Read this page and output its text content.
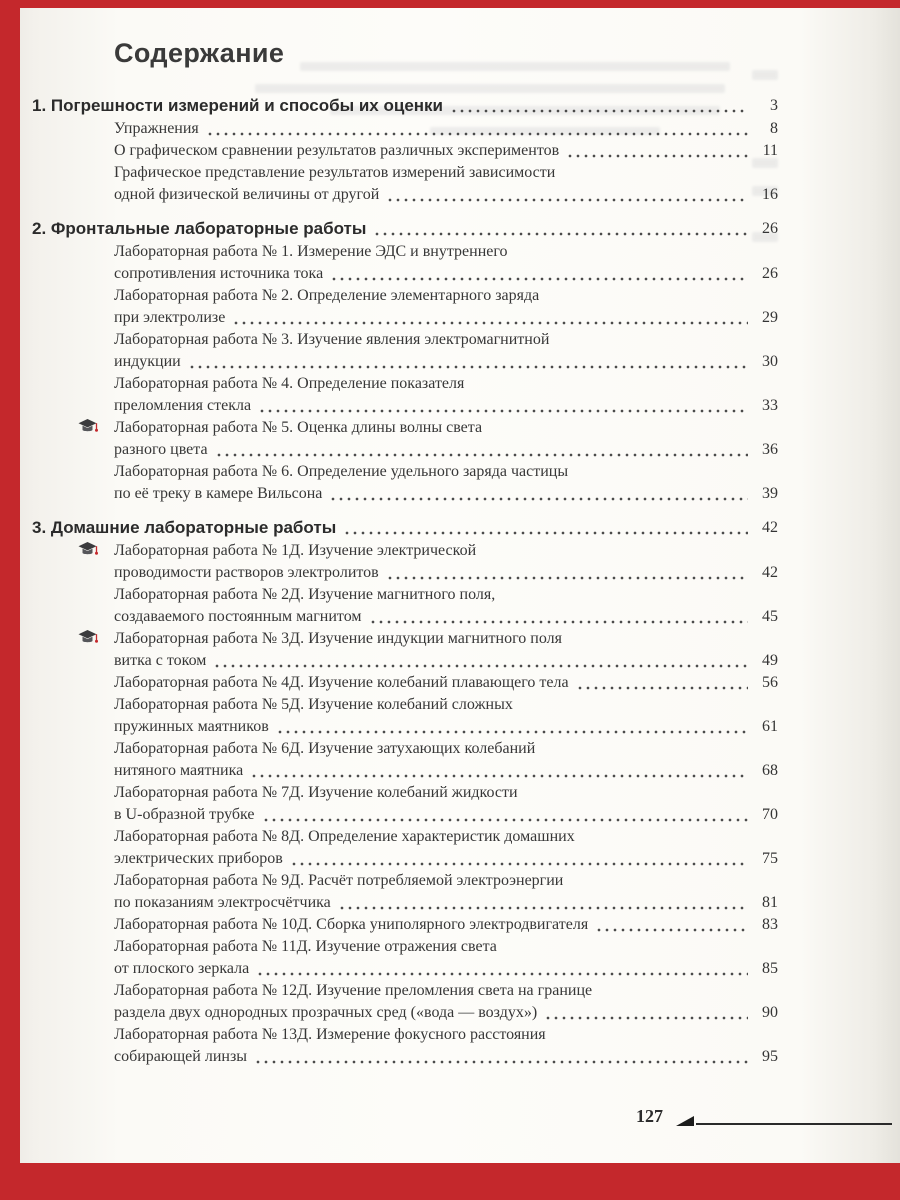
Содержание
1. Погрешности измерений и способы их оценки	3
Упражнения	8
О графическом сравнении результатов различных экспериментов	11
Графическое представление результатов измерений зависимости
одной физической величины от другой	16
2. Фронтальные лабораторные работы	26
Лабораторная работа № 1. Измерение ЭДС и внутреннего
сопротивления источника тока	26
Лабораторная работа № 2. Определение элементарного заряда
при электролизе	29
Лабораторная работа № 3. Изучение явления электромагнитной
индукции	30
Лабораторная работа № 4. Определение показателя
преломления стекла	33
Лабораторная работа № 5. Оценка длины волны света
разного цвета	36
Лабораторная работа № 6. Определение удельного заряда частицы
по её треку в камере Вильсона	39
3. Домашние лабораторные работы	42
Лабораторная работа № 1Д. Изучение электрической
проводимости растворов электролитов	42
Лабораторная работа № 2Д. Изучение магнитного поля,
создаваемого постоянным магнитом	45
Лабораторная работа № 3Д. Изучение индукции магнитного поля
витка с током	49
Лабораторная работа № 4Д. Изучение колебаний плавающего тела	56
Лабораторная работа № 5Д. Изучение колебаний сложных
пружинных маятников	61
Лабораторная работа № 6Д. Изучение затухающих колебаний
нитяного маятника	68
Лабораторная работа № 7Д. Изучение колебаний жидкости
в U-образной трубке	70
Лабораторная работа № 8Д. Определение характеристик домашних
электрических приборов	75
Лабораторная работа № 9Д. Расчёт потребляемой электроэнергии
по показаниям электросчётчика	81
Лабораторная работа № 10Д. Сборка униполярного электродвигателя	83
Лабораторная работа № 11Д. Изучение отражения света
от плоского зеркала	85
Лабораторная работа № 12Д. Изучение преломления света на границе
раздела двух однородных прозрачных сред («вода — воздух»)	90
Лабораторная работа № 13Д. Измерение фокусного расстояния
собирающей линзы	95
127
